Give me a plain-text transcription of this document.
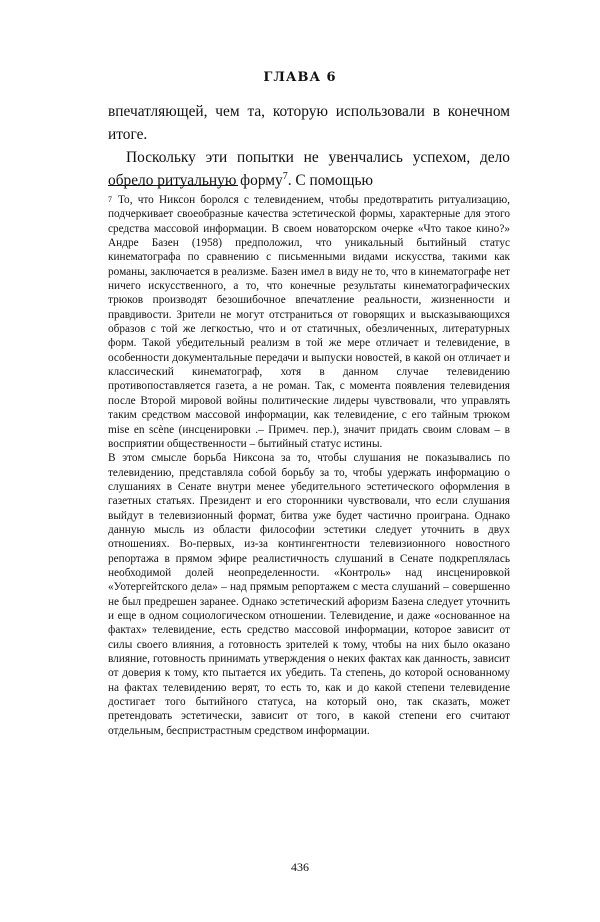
ГЛАВА 6

впечатляющей, чем та, которую использовали в конечном итоге.

Поскольку эти попытки не увенчались успехом, дело обрело ритуальную форму$^7$. С помощью

$^7$ То, что Никсон боролся с телевидением, чтобы предотвратить ритуализацию, подчеркивает своеобразные качества эстетической формы, характерные для этого средства массовой информации. В своем новаторском очерке «Что такое кино?» Андре Базен (1958) предположил, что уникальный бытийный статус кинематографа по сравнению с письменными видами искусства, такими как романы, заключается в реализме. Базен имел в виду не то, что в кинематографе нет ничего искусственного, а то, что конечные результаты кинематографических трюков производят безошибочное впечатление реальности, жизненности и правдивости. Зрители не могут отстраниться от говорящих и высказывающихся образов с той же легкостью, что и от статичных, обезличенных, литературных форм. Такой убедительный реализм в той же мере отличает и телевидение, в особенности документальные передачи и выпуски новостей, в какой он отличает и классический кинематограф, хотя в данном случае телевидению противопоставляется газета, а не роман. Так, с момента появления телевидения после Второй мировой войны политические лидеры чувствовали, что управлять таким средством массовой информации, как телевидение, с его тайным трюком mise en scène (инсценировки .– Примеч. пер.), значит придать своим словам – в восприятии общественности – бытийный статус истины.

В этом смысле борьба Никсона за то, чтобы слушания не показывались по телевидению, представляла собой борьбу за то, чтобы удержать информацию о слушаниях в Сенате внутри менее убедительного эстетического оформления в газетных статьях. Президент и его сторонники чувствовали, что если слушания выйдут в телевизионный формат, битва уже будет частично проиграна. Однако данную мысль из области философии эстетики следует уточнить в двух отношениях. Во-первых, из-за контингентности телевизионного новостного репортажа в прямом эфире реалистичность слушаний в Сенате подкреплялась необходимой долей неопределенности. «Контроль» над инсценировкой «Уотергейтского дела» – над прямым репортажем с места слушаний – совершенно не был предрешен заранее. Однако эстетический афоризм Базена следует уточнить и еще в одном социологическом отношении. Телевидение, и даже «основанное на фактах» телевидение, есть средство массовой информации, которое зависит от силы своего влияния, а готовность зрителей к тому, чтобы на них было оказано влияние, готовность принимать утверждения о неких фактах как данность, зависит от доверия к тому, кто пытается их убедить. Та степень, до которой основанному на фактах телевидению верят, то есть то, как и до какой степени телевидение достигает того бытийного статуса, на который оно, так сказать, может претендовать эстетически, зависит от того, в какой степени его считают отдельным, беспристрастным средством информации.

436
